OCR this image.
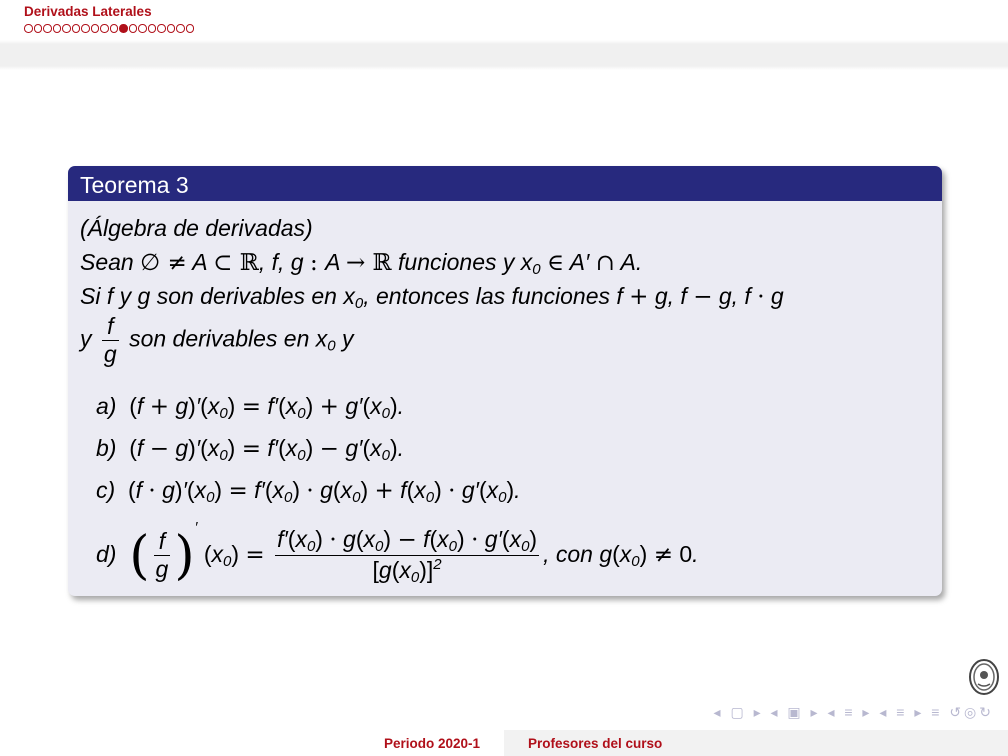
Derivadas Laterales
Teorema 3
(Álgebra de derivadas)
Sean ∅ ≠ A ⊂ ℝ, f, g : A → ℝ funciones y $x_0$ ∈ A′ ∩ A.
Si f y g son derivables en $x_0$, entonces las funciones f + g, f − g, f · g
y $\frac{f}{g}$ son derivables en $x_0$ y
a)  $(f + g)'(x_0) = f'(x_0) + g'(x_0)$.
b)  $(f - g)'(x_0) = f'(x_0) - g'(x_0)$.
c)  $(f \cdot g)'(x_0) = f'(x_0) \cdot g(x_0) + f(x_0) \cdot g'(x_0)$.
d)  ( $\frac{f}{g} )'$ $(x_0) = \frac{f'(x_0) \cdot g(x_0) - f(x_0) \cdot g'(x_0)}{[g(x_0)]^2}$ , con $g(x_0) \ne 0$.
◂ ▢ ▸ ◂ ▣ ▸ ◂ ≡ ▸ ◂ ≡ ▸ ≡ ↺◎↻
Periodo 2020-1	Profesores del curso
